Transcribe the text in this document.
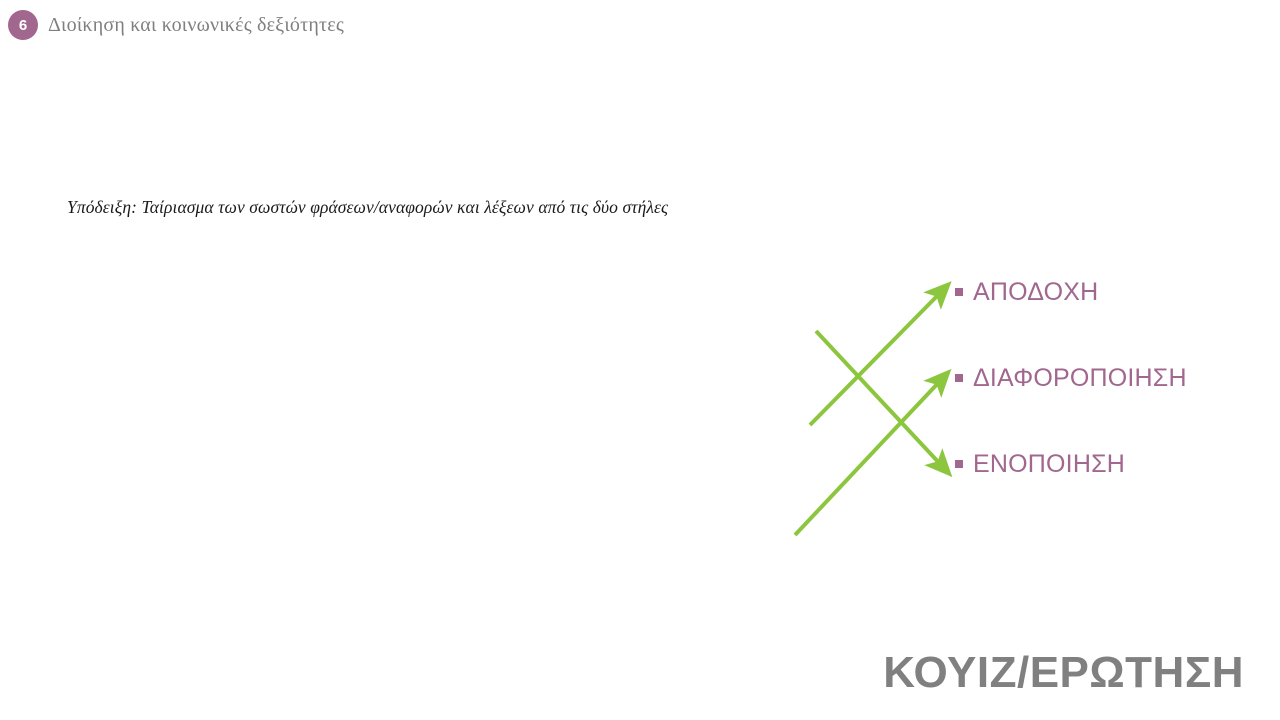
6	Διοίκηση και κοινωνικές δεξιότητες
Υπόδειξη: Ταίριασμα των σωστών φράσεων/αναφορών και λέξεων από τις δύο στήλες
ΑΠΟΔΟΧΗ
ΔΙΑΦΟΡΟΠΟΙΗΣΗ
ΕΝΟΠΟΙΗΣΗ
ΚΟΥΙΖ/ΕΡΩΤΗΣΗ
